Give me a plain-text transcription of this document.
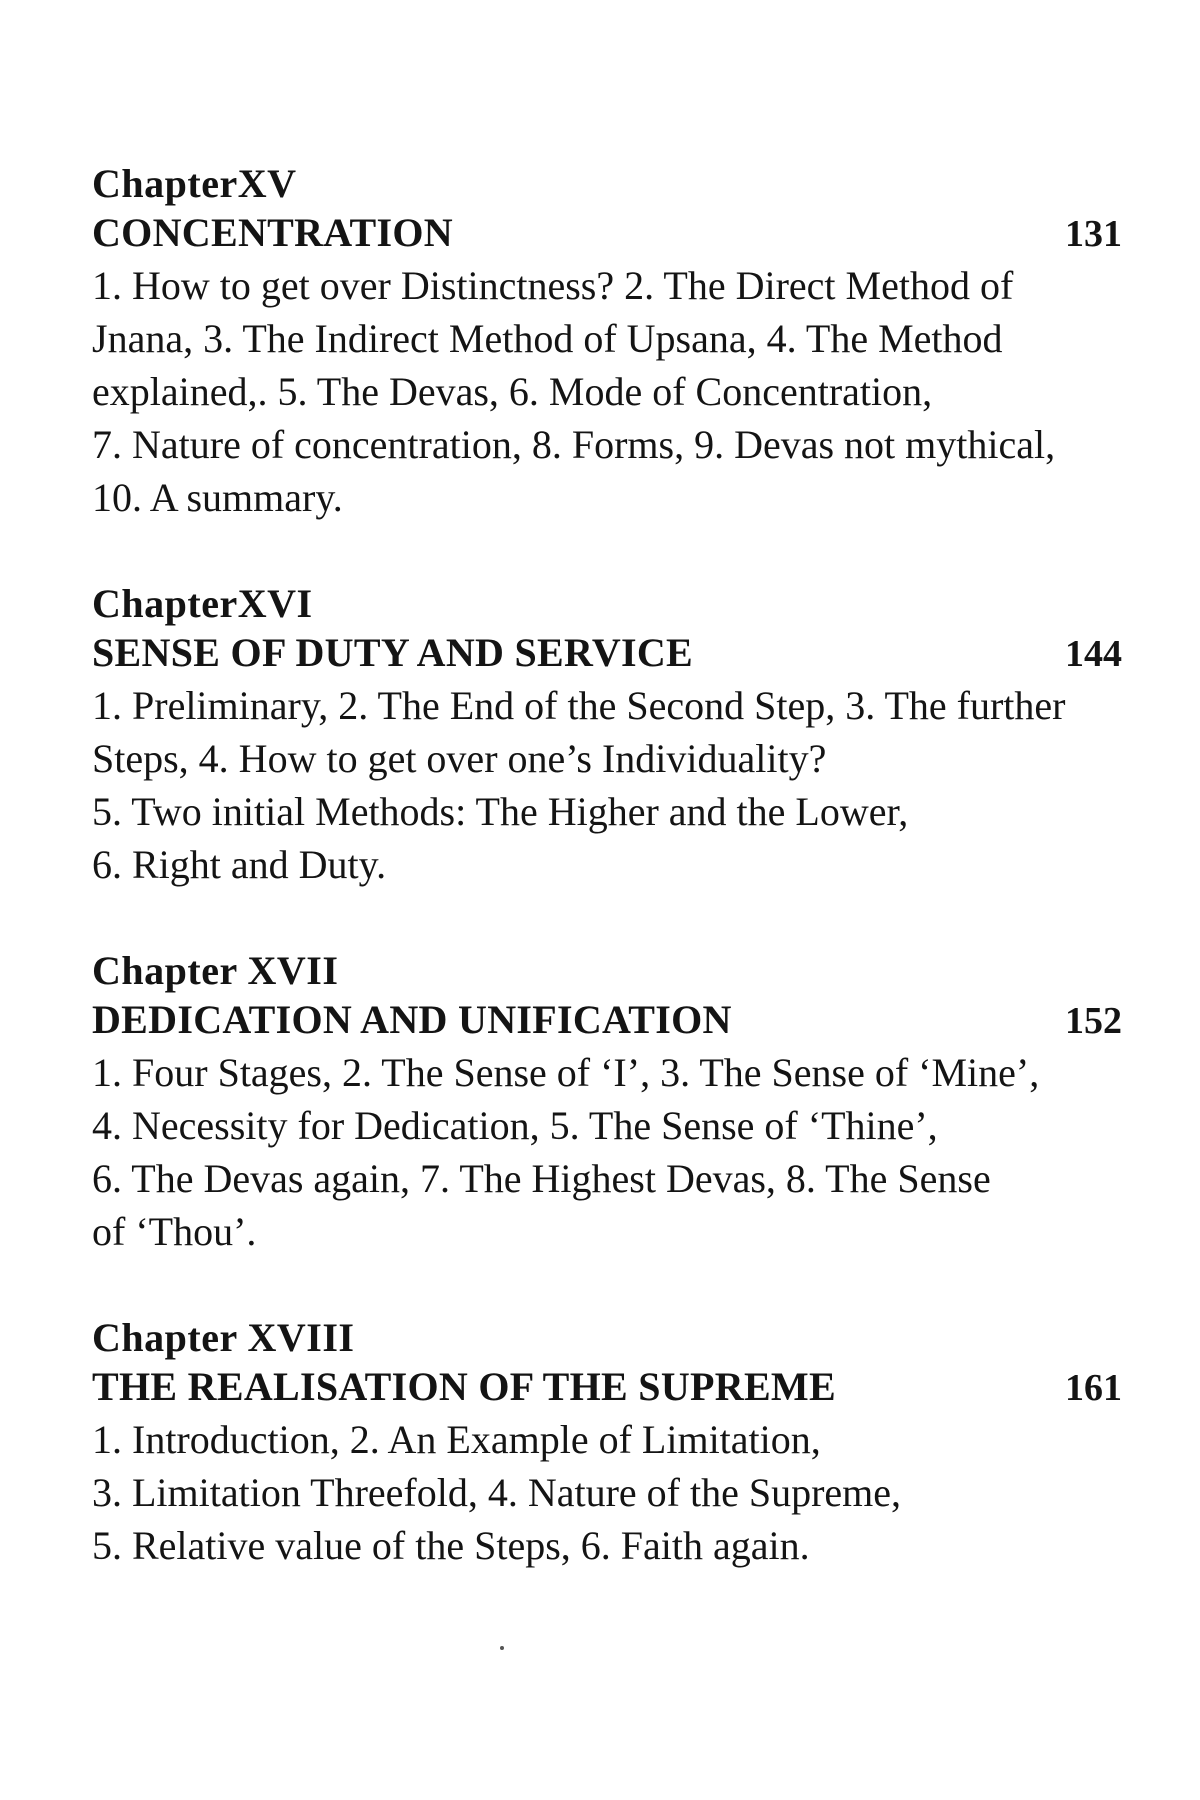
ChapterXV
CONCENTRATION	131

1. How to get over Distinctness? 2. The Direct Method of
Jnana, 3. The Indirect Method of Upsana, 4. The Method
explained,. 5. The Devas, 6. Mode of Concentration,
7. Nature of concentration, 8. Forms, 9. Devas not mythical,
10. A summary.

ChapterXVI
SENSE OF DUTY AND SERVICE	144

1. Preliminary, 2. The End of the Second Step, 3. The further
Steps, 4. How to get over one’s Individuality?
5. Two initial Methods: The Higher and the Lower,
6. Right and Duty.

Chapter XVII
DEDICATION AND UNIFICATION	152

1. Four Stages, 2. The Sense of ‘I’, 3. The Sense of ‘Mine’,
4. Necessity for Dedication, 5. The Sense of ‘Thine’,
6. The Devas again, 7. The Highest Devas, 8. The Sense
of ‘Thou’.

Chapter XVIII
THE REALISATION OF THE SUPREME	161

1. Introduction, 2. An Example of Limitation,
3. Limitation Threefold, 4. Nature of the Supreme,
5. Relative value of the Steps, 6. Faith again.
